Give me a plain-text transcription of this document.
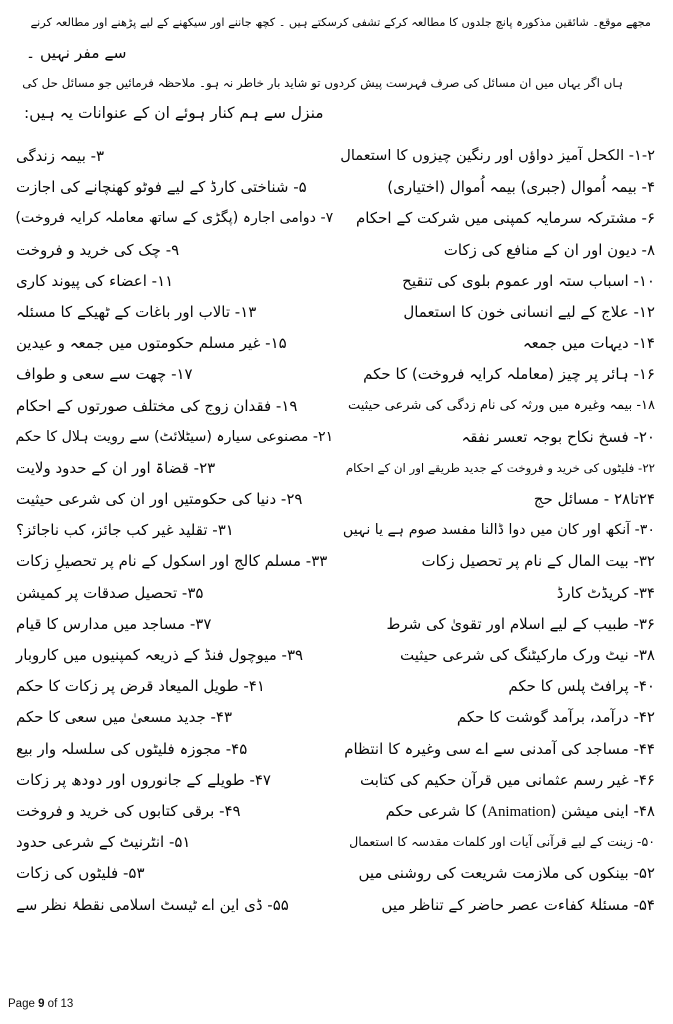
مجھے موقع۔ شائقین مذکورہ پانچ جلدوں کا مطالعہ کرکے تشفی کرسکتے ہیں ۔ کچھ جاننے اور سیکھنے کے لیے پڑھنے اور مطالعہ کرنے
سے مفر نہیں ۔
ہاں اگر یہاں میں ان مسائل کی صرف فہرست پیش کردوں تو شاید بار خاطر نہ ہو۔ ملاحظہ فرمائیں جو مسائل حل کی
منزل سے ہم کنار ہوئے ان کے عنوانات یہ ہیں:
۱-۲- الکحل آمیز دواؤں اور رنگین چیزوں کا استعمال
۳- بیمہ زندگی
۴- بیمہ اُموال (جبری) بیمہ اُموال (اختیاری)
۵- شناختی کارڈ کے لیے فوٹو کھنچانے کی اجازت
۶- مشترکہ سرمایہ کمپنی میں شرکت کے احکام
۷- دوامی اجارہ (پگڑی کے ساتھ معاملہ کرایہ فروخت)
۸- دیون اور ان کے منافع کی زکات
۹- چک کی خرید و فروخت
۱۰- اسباب ستہ اور عموم بلوی کی تنقیح
۱۱- اعضاء کی پیوند کاری
۱۲- علاج کے لیے انسانی خون کا استعمال
۱۳- تالاب اور باغات کے ٹھیکے کا مسئلہ
۱۴- دیہات میں جمعہ
۱۵- غیر مسلم حکومتوں میں جمعہ و عیدین
۱۶- ہائر پر چیز (معاملہ کرایہ فروخت) کا حکم
۱۷- چھت سے سعی و طواف
۱۸- بیمہ وغیرہ میں ورثہ کی نام زدگی کی شرعی حیثیت
۱۹- فقدان زوج کی مختلف صورتوں کے احکام
۲۰- فسخ نکاح بوجہ تعسر نفقہ
۲۱- مصنوعی سیارہ (سیٹلائٹ) سے رویت ہلال کا حکم
۲۲- فلیٹوں کی خرید و فروخت کے جدید طریقے اور ان کے احکام
۲۳- قضاۃ اور ان کے حدود ولایت
۲۴تا۲۸ - مسائل حج
۲۹- دنیا کی حکومتیں اور ان کی شرعی حیثیت
۳۰- آنکھ اور کان میں دوا ڈالنا مفسد صوم ہے یا نہیں
۳۱- تقلید غیر کب جائز، کب ناجائز؟
۳۲- بیت المال کے نام پر تحصیل زکات
۳۳- مسلم کالج اور اسکول کے نام پر تحصیلِ زکات
۳۴- کریڈٹ کارڈ
۳۵- تحصیل صدقات پر کمیشن
۳۶- طبیب کے لیے اسلام اور تقویٰ کی شرط
۳۷- مساجد میں مدارس کا قیام
۳۸- نیٹ ورک مارکیٹنگ کی شرعی حیثیت
۳۹- میوچول فنڈ کے ذریعہ کمپنیوں میں کاروبار
۴۰- پرافٹ پلس کا حکم
۴۱- طویل المیعاد قرض پر زکات کا حکم
۴۲- درآمد، برآمد گوشت کا حکم
۴۳- جدید مسعیٰ میں سعی کا حکم
۴۴- مساجد کی آمدنی سے اے سی وغیرہ کا انتظام
۴۵- مجوزہ فلیٹوں کی سلسلہ وار بیع
۴۶- غیر رسم عثمانی میں قرآن حکیم کی کتابت
۴۷- طویلے کے جانوروں اور دودھ پر زکات
۴۸- اینی میشن (Animation) کا شرعی حکم
۴۹- برقی کتابوں کی خرید و فروخت
۵۰- زینت کے لیے قرآنی آیات اور کلمات مقدسہ کا استعمال
۵۱- انٹرنیٹ کے شرعی حدود
۵۲- بینکوں کی ملازمت شریعت کی روشنی میں
۵۳- فلیٹوں کی زکات
۵۴- مسئلۂ کفاءت عصر حاضر کے تناظر میں
۵۵- ڈی این اے ٹیسٹ اسلامی نقطۂ نظر سے
Page 9 of 13
